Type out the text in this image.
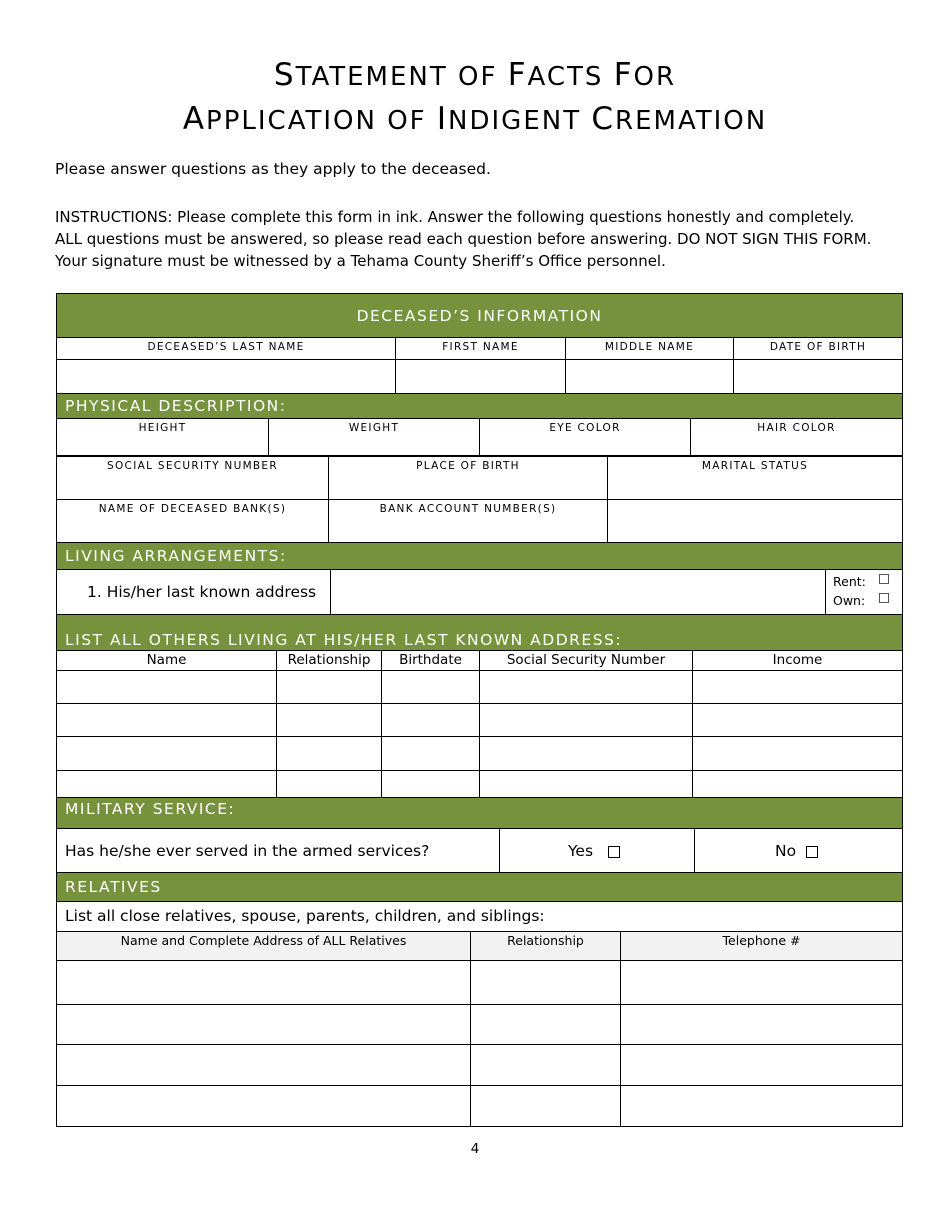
STATEMENT OF FACTS FOR
APPLICATION OF INDIGENT CREMATION
Please answer questions as they apply to the deceased.
INSTRUCTIONS: Please complete this form in ink. Answer the following questions honestly and completely.
ALL questions must be answered, so please read each question before answering. DO NOT SIGN THIS FORM.
Your signature must be witnessed by a Tehama County Sheriff’s Office personnel.
DECEASED’S INFORMATION
DECEASED’S LAST NAME	FIRST NAME	MIDDLE NAME	DATE OF BIRTH
PHYSICAL DESCRIPTION:
HEIGHT	WEIGHT	EYE COLOR	HAIR COLOR
SOCIAL SECURITY NUMBER	PLACE OF BIRTH	MARITAL STATUS
NAME OF DECEASED BANK(S)	BANK ACCOUNT NUMBER(S)
LIVING ARRANGEMENTS:
1. His/her last known address
Rent:
Own:
LIST ALL OTHERS LIVING AT HIS/HER LAST KNOWN ADDRESS:
Name	Relationship	Birthdate	Social Security Number	Income
MILITARY SERVICE:
Has he/she ever served in the armed services?	Yes	No
RELATIVES
List all close relatives, spouse, parents, children, and siblings:
Name and Complete Address of ALL Relatives	Relationship	Telephone #
4
